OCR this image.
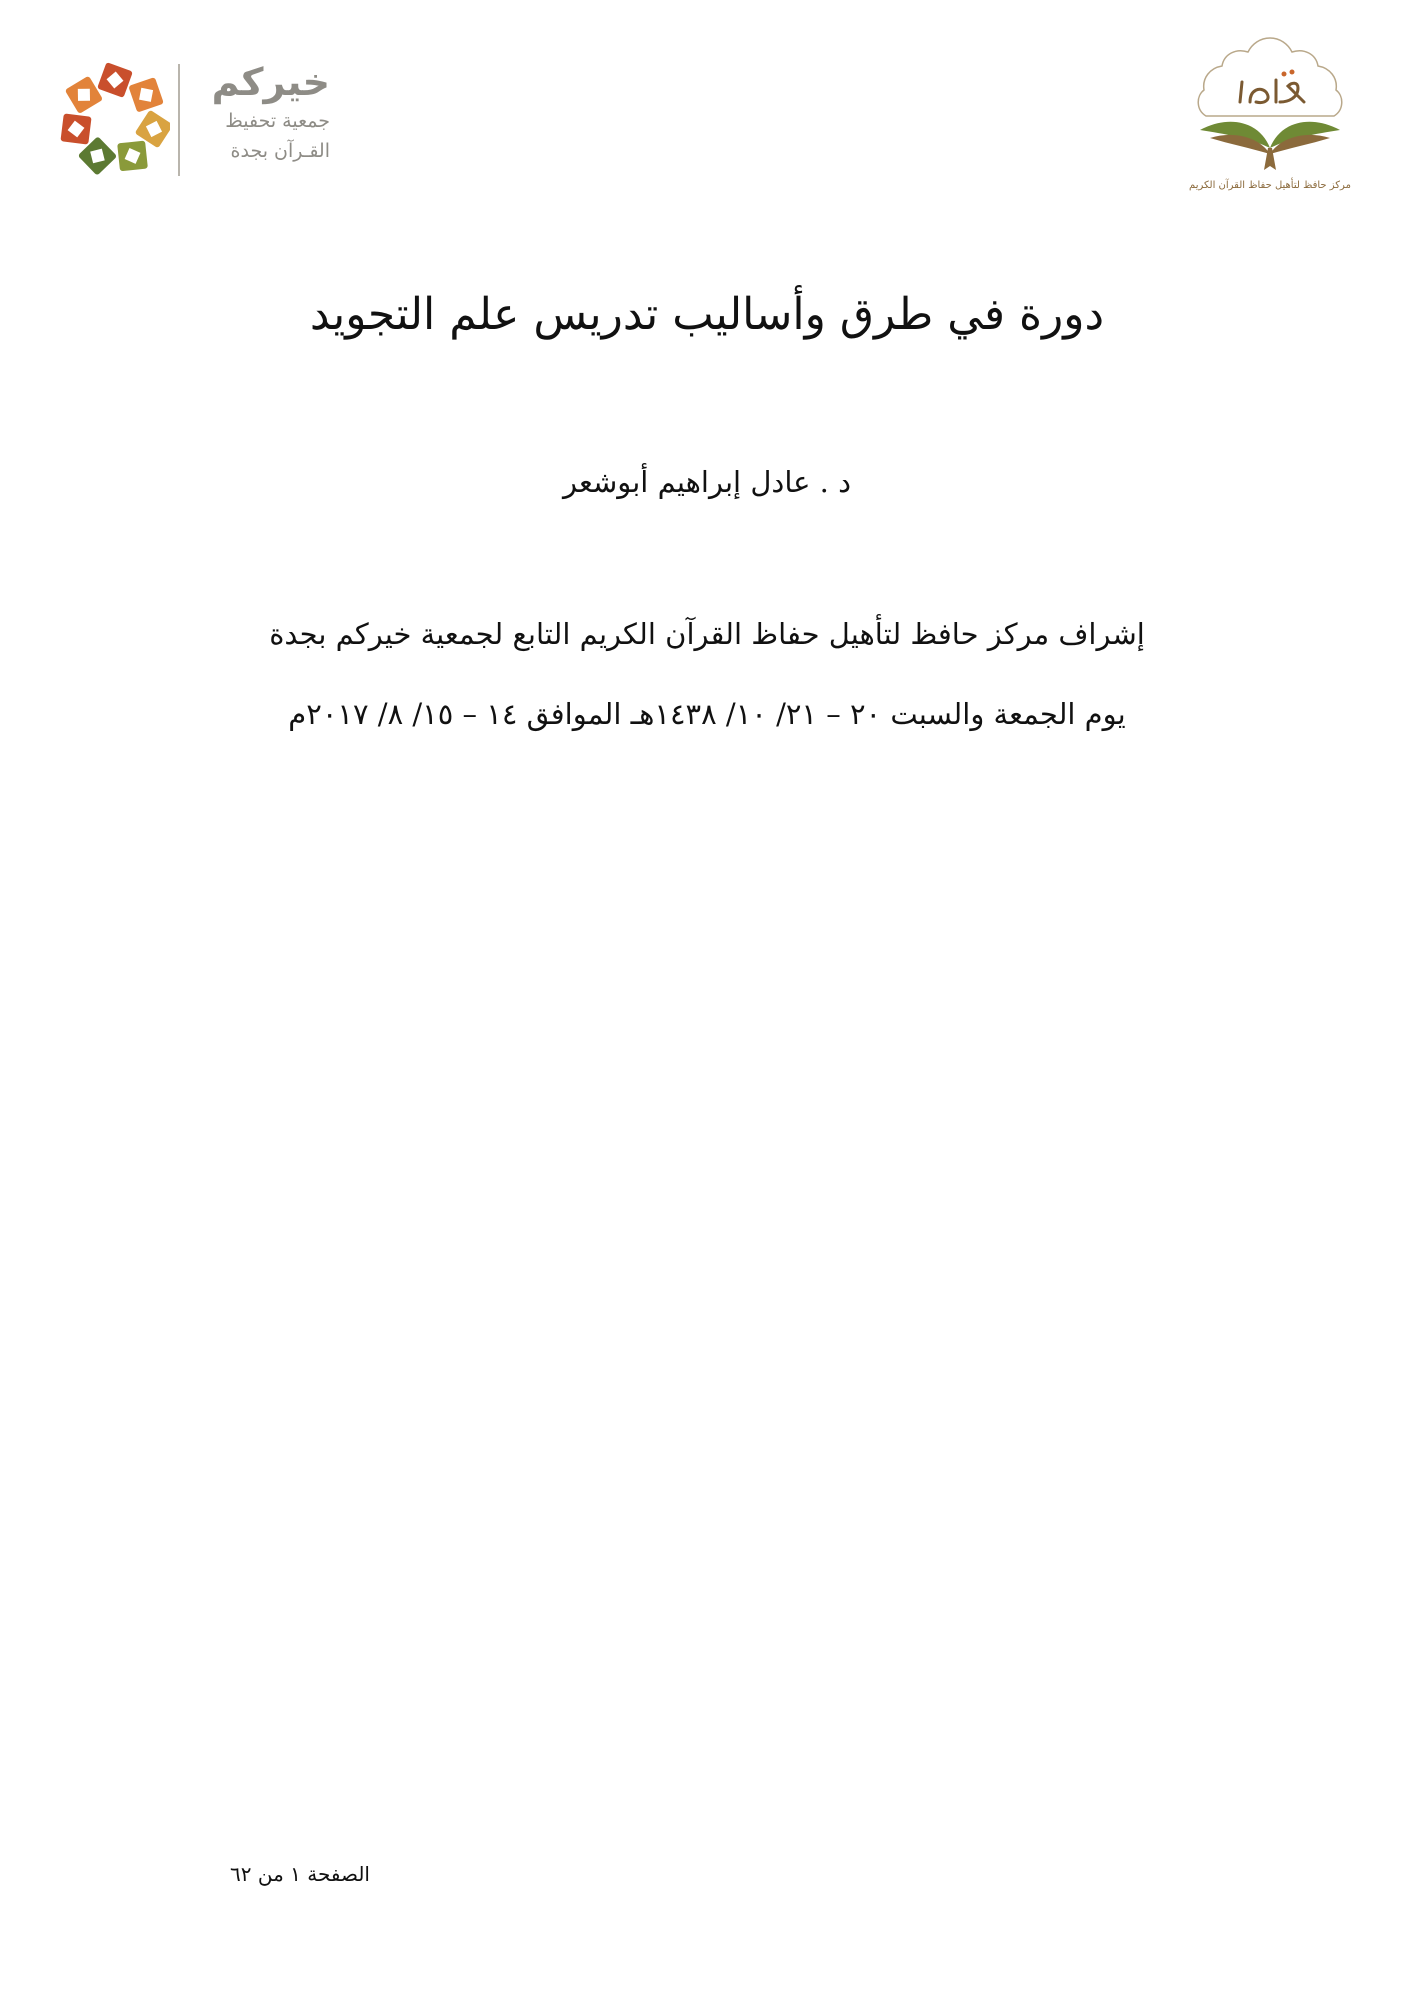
خيركم
جمعية تحفيظ
القـرآن بجدة
مركز حافظ لتأهيل حفاظ القرآن الكريم
دورة في طرق وأساليب تدريس علم التجويد
د . عادل إبراهيم أبوشعر
إشراف مركز حافظ لتأهيل حفاظ القرآن الكريم التابع لجمعية خيركم بجدة
يوم الجمعة والسبت ٢٠ – ٢١/ ١٠/ ١٤٣٨هـ الموافق ١٤ – ١٥/ ٨/ ٢٠١٧م
الصفحة ١ من ٦٢
